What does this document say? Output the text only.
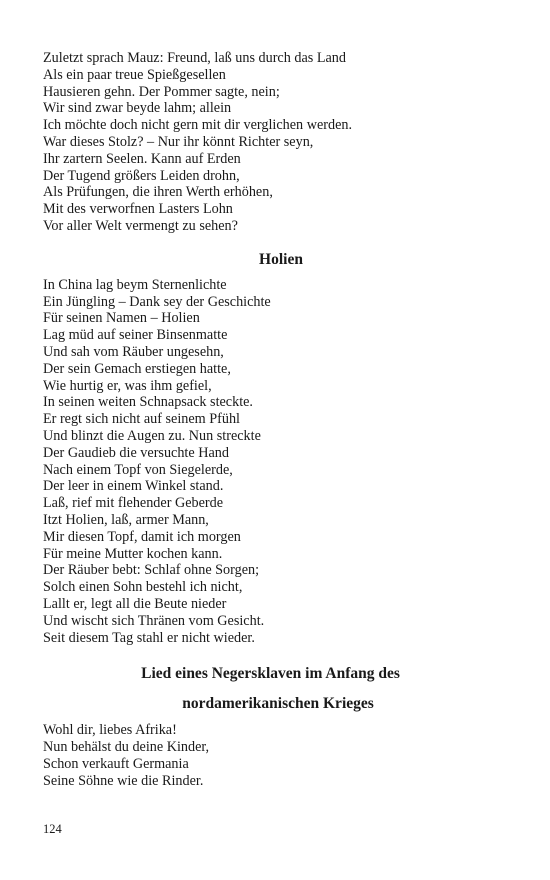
Zuletzt sprach Mauz: Freund, laß uns durch das Land
Als ein paar treue Spießgesellen
Hausieren gehn. Der Pommer sagte, nein;
Wir sind zwar beyde lahm; allein
Ich möchte doch nicht gern mit dir verglichen werden.
War dieses Stolz? – Nur ihr könnt Richter seyn,
Ihr zartern Seelen. Kann auf Erden
Der Tugend größers Leiden drohn,
Als Prüfungen, die ihren Werth erhöhen,
Mit des verworfnen Lasters Lohn
Vor aller Welt vermengt zu sehen?
Holien
In China lag beym Sternenlichte
Ein Jüngling – Dank sey der Geschichte
Für seinen Namen – Holien
Lag müd auf seiner Binsenmatte
Und sah vom Räuber ungesehn,
Der sein Gemach erstiegen hatte,
Wie hurtig er, was ihm gefiel,
In seinen weiten Schnapsack steckte.
Er regt sich nicht auf seinem Pfühl
Und blinzt die Augen zu. Nun streckte
Der Gaudieb die versuchte Hand
Nach einem Topf von Siegelerde,
Der leer in einem Winkel stand.
Laß, rief mit flehender Geberde
Itzt Holien, laß, armer Mann,
Mir diesen Topf, damit ich morgen
Für meine Mutter kochen kann.
Der Räuber bebt: Schlaf ohne Sorgen;
Solch einen Sohn bestehl ich nicht,
Lallt er, legt all die Beute nieder
Und wischt sich Thränen vom Gesicht.
Seit diesem Tag stahl er nicht wieder.
Lied eines Negersklaven im Anfang des
nordamerikanischen Krieges
Wohl dir, liebes Afrika!
Nun behälst du deine Kinder,
Schon verkauft Germania
Seine Söhne wie die Rinder.
124
